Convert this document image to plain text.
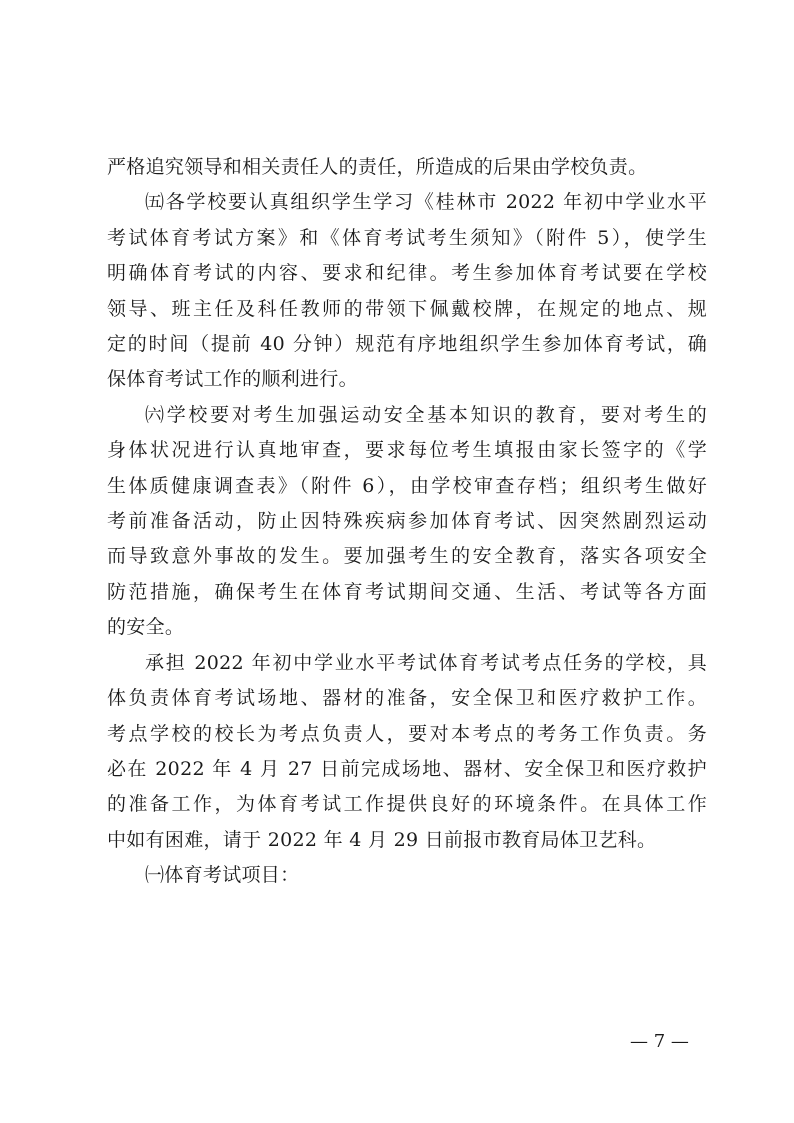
严格追究领导和相关责任人的责任，所造成的后果由学校负责。
㈤各学校要认真组织学生学习《桂林市 2022 年初中学业水平
考试体育考试方案》和《体育考试考生须知》（附件 5），使学生
明确体育考试的内容、要求和纪律。考生参加体育考试要在学校
领导、班主任及科任教师的带领下佩戴校牌，在规定的地点、规
定的时间（提前 40 分钟）规范有序地组织学生参加体育考试，确
保体育考试工作的顺利进行。
㈥学校要对考生加强运动安全基本知识的教育，要对考生的
身体状况进行认真地审查，要求每位考生填报由家长签字的《学
生体质健康调查表》（附件 6），由学校审查存档；组织考生做好
考前准备活动，防止因特殊疾病参加体育考试、因突然剧烈运动
而导致意外事故的发生。要加强考生的安全教育，落实各项安全
防范措施，确保考生在体育考试期间交通、生活、考试等各方面
的安全。
承担 2022 年初中学业水平考试体育考试考点任务的学校，具
体负责体育考试场地、器材的准备，安全保卫和医疗救护工作。
考点学校的校长为考点负责人，要对本考点的考务工作负责。务
必在 2022 年 4 月 27 日前完成场地、器材、安全保卫和医疗救护
的准备工作，为体育考试工作提供良好的环境条件。在具体工作
中如有困难，请于 2022 年 4 月 29 日前报市教育局体卫艺科。
㈠体育考试项目：
— 7 —
